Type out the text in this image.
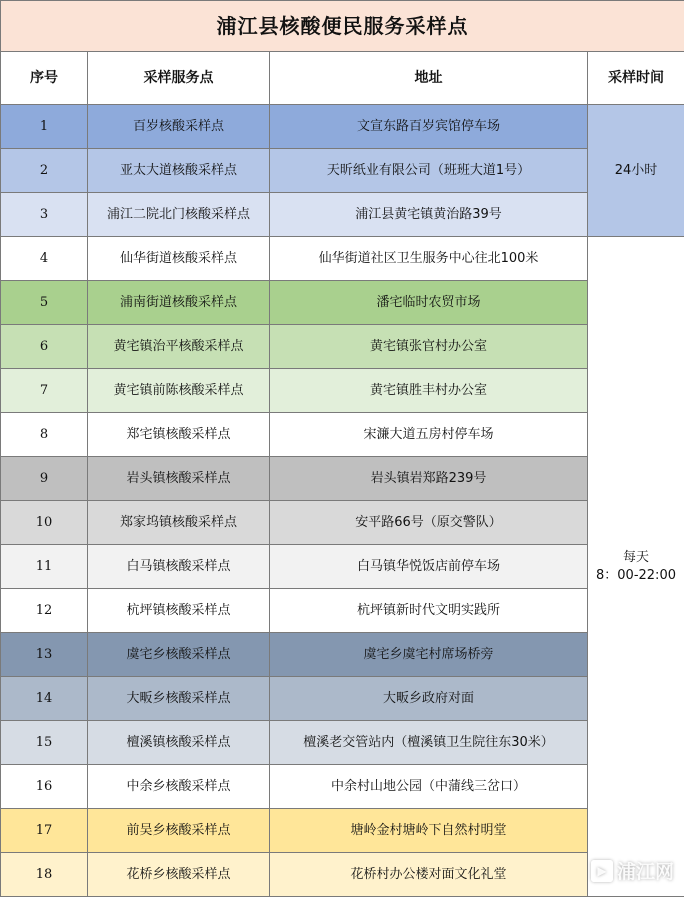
浦江县核酸便民服务采样点			
序号	采样服务点	地址	采样时间
1	百岁核酸采样点	文宣东路百岁宾馆停车场	24小时
2	亚太大道核酸采样点	天昕纸业有限公司（班班大道1号）	
3	浦江二院北门核酸采样点	浦江县黄宅镇黄治路39号	
4	仙华街道核酸采样点	仙华街道社区卫生服务中心往北100米	每天
8：00-22:00

5	浦南街道核酸采样点	潘宅临时农贸市场	
6	黄宅镇治平核酸采样点	黄宅镇张官村办公室	
7	黄宅镇前陈核酸采样点	黄宅镇胜丰村办公室	
8	郑宅镇核酸采样点	宋濂大道五房村停车场	
9	岩头镇核酸采样点	岩头镇岩郑路239号	
10	郑家坞镇核酸采样点	安平路66号（原交警队）	
11	白马镇核酸采样点	白马镇华悦饭店前停车场	
12	杭坪镇核酸采样点	杭坪镇新时代文明实践所	
13	虞宅乡核酸采样点	虞宅乡虞宅村席场桥旁	
14	大畈乡核酸采样点	大畈乡政府对面	
15	檀溪镇核酸采样点	檀溪老交管站内（檀溪镇卫生院往东30米）	
16	中余乡核酸采样点	中余村山地公园（中蒲线三岔口）	
17	前吴乡核酸采样点	塘岭金村塘岭下自然村明堂	
18	花桥乡核酸采样点	花桥村办公楼对面文化礼堂		▶ 浦江网
